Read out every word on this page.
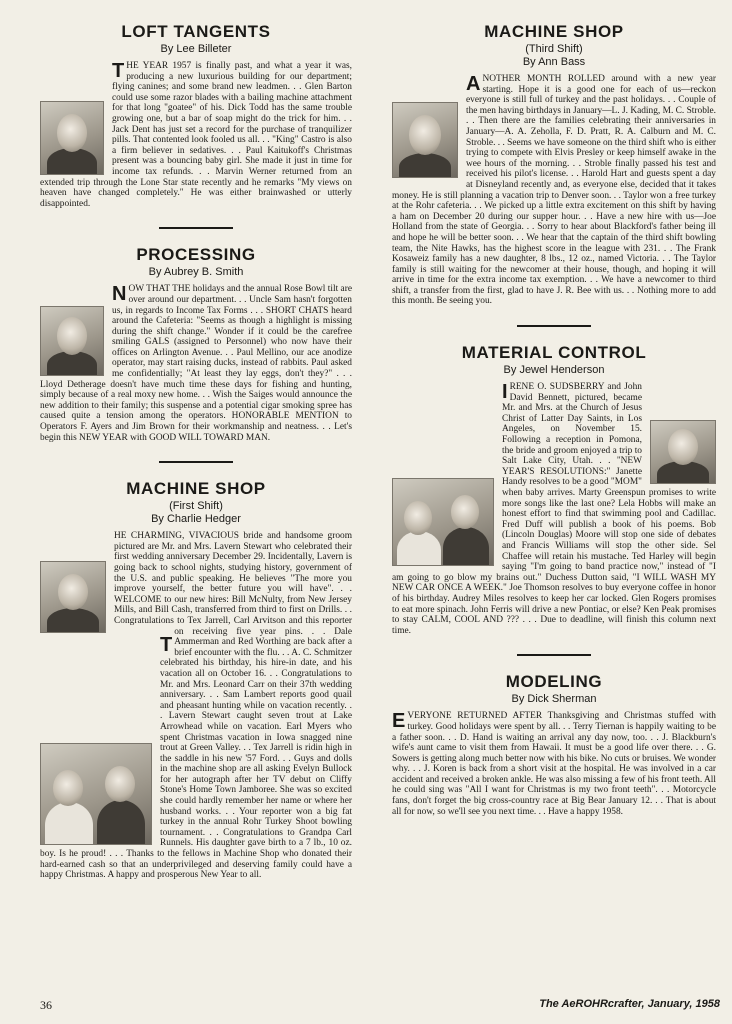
LOFT TANGENTS
By Lee Billeter
THE YEAR 1957 is finally past, and what a year it was, producing a new luxurious building for our department; flying canines; and some brand new leadmen. . . Glen Barton could use some razor blades with a bailing machine attachment for that long "goatee" of his. Dick Todd has the same trouble growing one, but a bar of soap might do the trick for him. . . Jack Dent has just set a record for the purchase of tranquilizer pills. That contented look fooled us all. . . "King" Castro is also a firm believer in sedatives. . . Paul Kaitukoff's Christmas present was a bouncing baby girl. She made it just in time for income tax refunds. . . Marvin Werner returned from an extended trip through the Lone Star state recently and he remarks "My views on heaven have changed completely." He was either brainwashed or utterly disappointed.
PROCESSING
By Aubrey B. Smith
NOW THAT THE holidays and the annual Rose Bowl tilt are over around our department. . . Uncle Sam hasn't forgotten us, in regards to Income Tax Forms . . . SHORT CHATS heard around the Cafeteria: "Seems as though a highlight is missing during the shift change." Wonder if it could be the carefree smiling GALS (assigned to Personnel) who now have their offices on Arlington Avenue. . . Paul Mellino, our ace anodize operator, may start raising ducks, instead of rabbits. Paul asked me confidentially; "At least they lay eggs, don't they?" . . . Lloyd Detherage doesn't have much time these days for fishing and hunting, simply because of a real moxy new home. . . Wish the Saiges would announce the new addition to their family; this suspense and a potential cigar smoking spree has caused quite a tension among the operators. HONORABLE MENTION to Operators F. Ayers and Jim Brown for their workmanship and neatness. . . Let's begin this NEW YEAR with GOOD WILL TOWARD MAN.
MACHINE SHOP
(First Shift)
By Charlie Hedger
T
HE CHARMING, VIVACIOUS bride and handsome groom pictured are Mr. and Mrs. Lavern Stewart who celebrated their first wedding anniversary December 29. Incidentally, Lavern is going back to school nights, studying history, government of the U.S. and public speaking. He believes "The more you improve yourself, the better future you will have". . . WELCOME to our new hires: Bill McNulty, from New Jersey Mills, and Bill Cash, transferred from third to first on Drills. . . Congratulations to Tex Jarrell, Carl Arvitson and this reporter on receiving five year pins. . . Dale Ammerman and Red Worthing are back after a brief encounter with the flu. . . A. C. Schmitzer celebrated his birthday, his hire-in date, and his vacation all on October 16. . . Congratulations to Mr. and Mrs. Leonard Carr on their 37th wedding anniversary. . . Sam Lambert reports good quail and pheasant hunting while on vacation recently. . . Lavern Stewart caught seven trout at Lake Arrowhead while on vacation. Earl Myers who spent Christmas vacation in Iowa snagged nine trout at Green Valley. . . Tex Jarrell is ridin high in the saddle in his new '57 Ford. . . Guys and dolls in the machine shop are all asking Evelyn Bullock for her autograph after her TV debut on Cliffy Stone's Home Town Jamboree. She was so excited she could hardly remember her name or where her husband works. . . Your reporter won a big fat turkey in the annual Rohr Turkey Shoot bowling tournament. . . Congratulations to Grandpa Carl Runnels. His daughter gave birth to a 7 lb., 10 oz. boy. Is he proud! . . . Thanks to the fellows in Machine Shop who donated their hard-earned cash so that an underprivileged and deserving family could have a happy Christmas. A happy and prosperous New Year to all.
MACHINE SHOP
(Third Shift)
By Ann Bass
ANOTHER MONTH ROLLED around with a new year starting. Hope it is a good one for each of us—reckon everyone is still full of turkey and the past holidays. . . Couple of the men having birthdays in January—L. J. Kading, M. C. Stroble. . . Then there are the families celebrating their anniversaries in January—A. A. Zeholla, F. D. Pratt, R. A. Calburn and M. C. Stroble. . . Seems we have someone on the third shift who is either trying to compete with Elvis Presley or keep himself awake in the wee hours of the morning. . . Stroble finally passed his test and received his pilot's license. . . Harold Hart and guests spent a day at Disneyland recently and, as everyone else, decided that it takes money. He is still planning a vacation trip to Denver soon. . . Taylor won a free turkey at the Rohr cafeteria. . . We picked up a little extra excitement on this shift by having a ham on December 20 during our supper hour. . . Have a new hire with us—Joe Holland from the state of Georgia. . . Sorry to hear about Blackford's father being ill and hope he will be better soon. . . We hear that the captain of the third shift bowling team, the Nite Hawks, has the highest score in the league with 231. . . The Frank Kosaweiz family has a new daughter, 8 lbs., 12 oz., named Victoria. . . The Taylor family is still waiting for the newcomer at their house, though, and hoping it will arrive in time for the extra income tax exemption. . . We have a newcomer to third shift, a transfer from the first, glad to have J. R. Bee with us. . . Nothing more to add this month. Be seeing you.
MATERIAL CONTROL
By Jewel Henderson
IRENE O. SUDSBERRY and John David Bennett, pictured, became Mr. and Mrs. at the Church of Jesus Christ of Latter Day Saints, in Los Angeles, on November 15. Following a reception in Pomona, the bride and groom enjoyed a trip to Salt Lake City, Utah. . . "NEW YEAR'S RESOLUTIONS:" Janette Handy resolves to be a good "MOM" when baby arrives. Marty Greenspun promises to write more songs like the last one? Lela Hobbs will make an honest effort to find that swimming pool and Cadillac. Fred Duff will publish a book of his poems. Bob (Lincoln Douglas) Moore will stop one side of debates and Francis Williams will stop the other side. Sel Chaffee will retain his mustache. Ted Harley will begin saying "I'm going to band practice now," instead of "I am going to go blow my brains out." Duchess Dutton said, "I WILL WASH MY NEW CAR ONCE A WEEK." Joe Thomson resolves to buy everyone coffee in honor of his birthday. Audrey Miles resolves to keep her car locked. Glen Rogers promises to eat more spinach. John Ferris will drive a new Pontiac, or else? Ken Peak promises to stay CALM, COOL AND ??? . . . Due to deadline, will finish this column next time.
MODELING
By Dick Sherman
EVERYONE RETURNED AFTER Thanksgiving and Christmas stuffed with turkey. Good holidays were spent by all. . . Terry Tiernan is happily waiting to be a father soon. . . D. Hand is waiting an arrival any day now, too. . . J. Blackburn's wife's aunt came to visit them from Hawaii. It must be a good life over there. . . G. Sowers is getting along much better now with his bike. No cuts or bruises. We wonder why. . . J. Koren is back from a short visit at the hospital. He was involved in a car accident and received a broken ankle. He was also missing a few of his front teeth. All he could sing was "All I want for Christmas is my two front teeth". . . Motorcycle fans, don't forget the big cross-country race at Big Bear January 12. . . That is about all for now, so we'll see you next time. . . Have a happy 1958.
36	The AeROHRcrafter, January, 1958
